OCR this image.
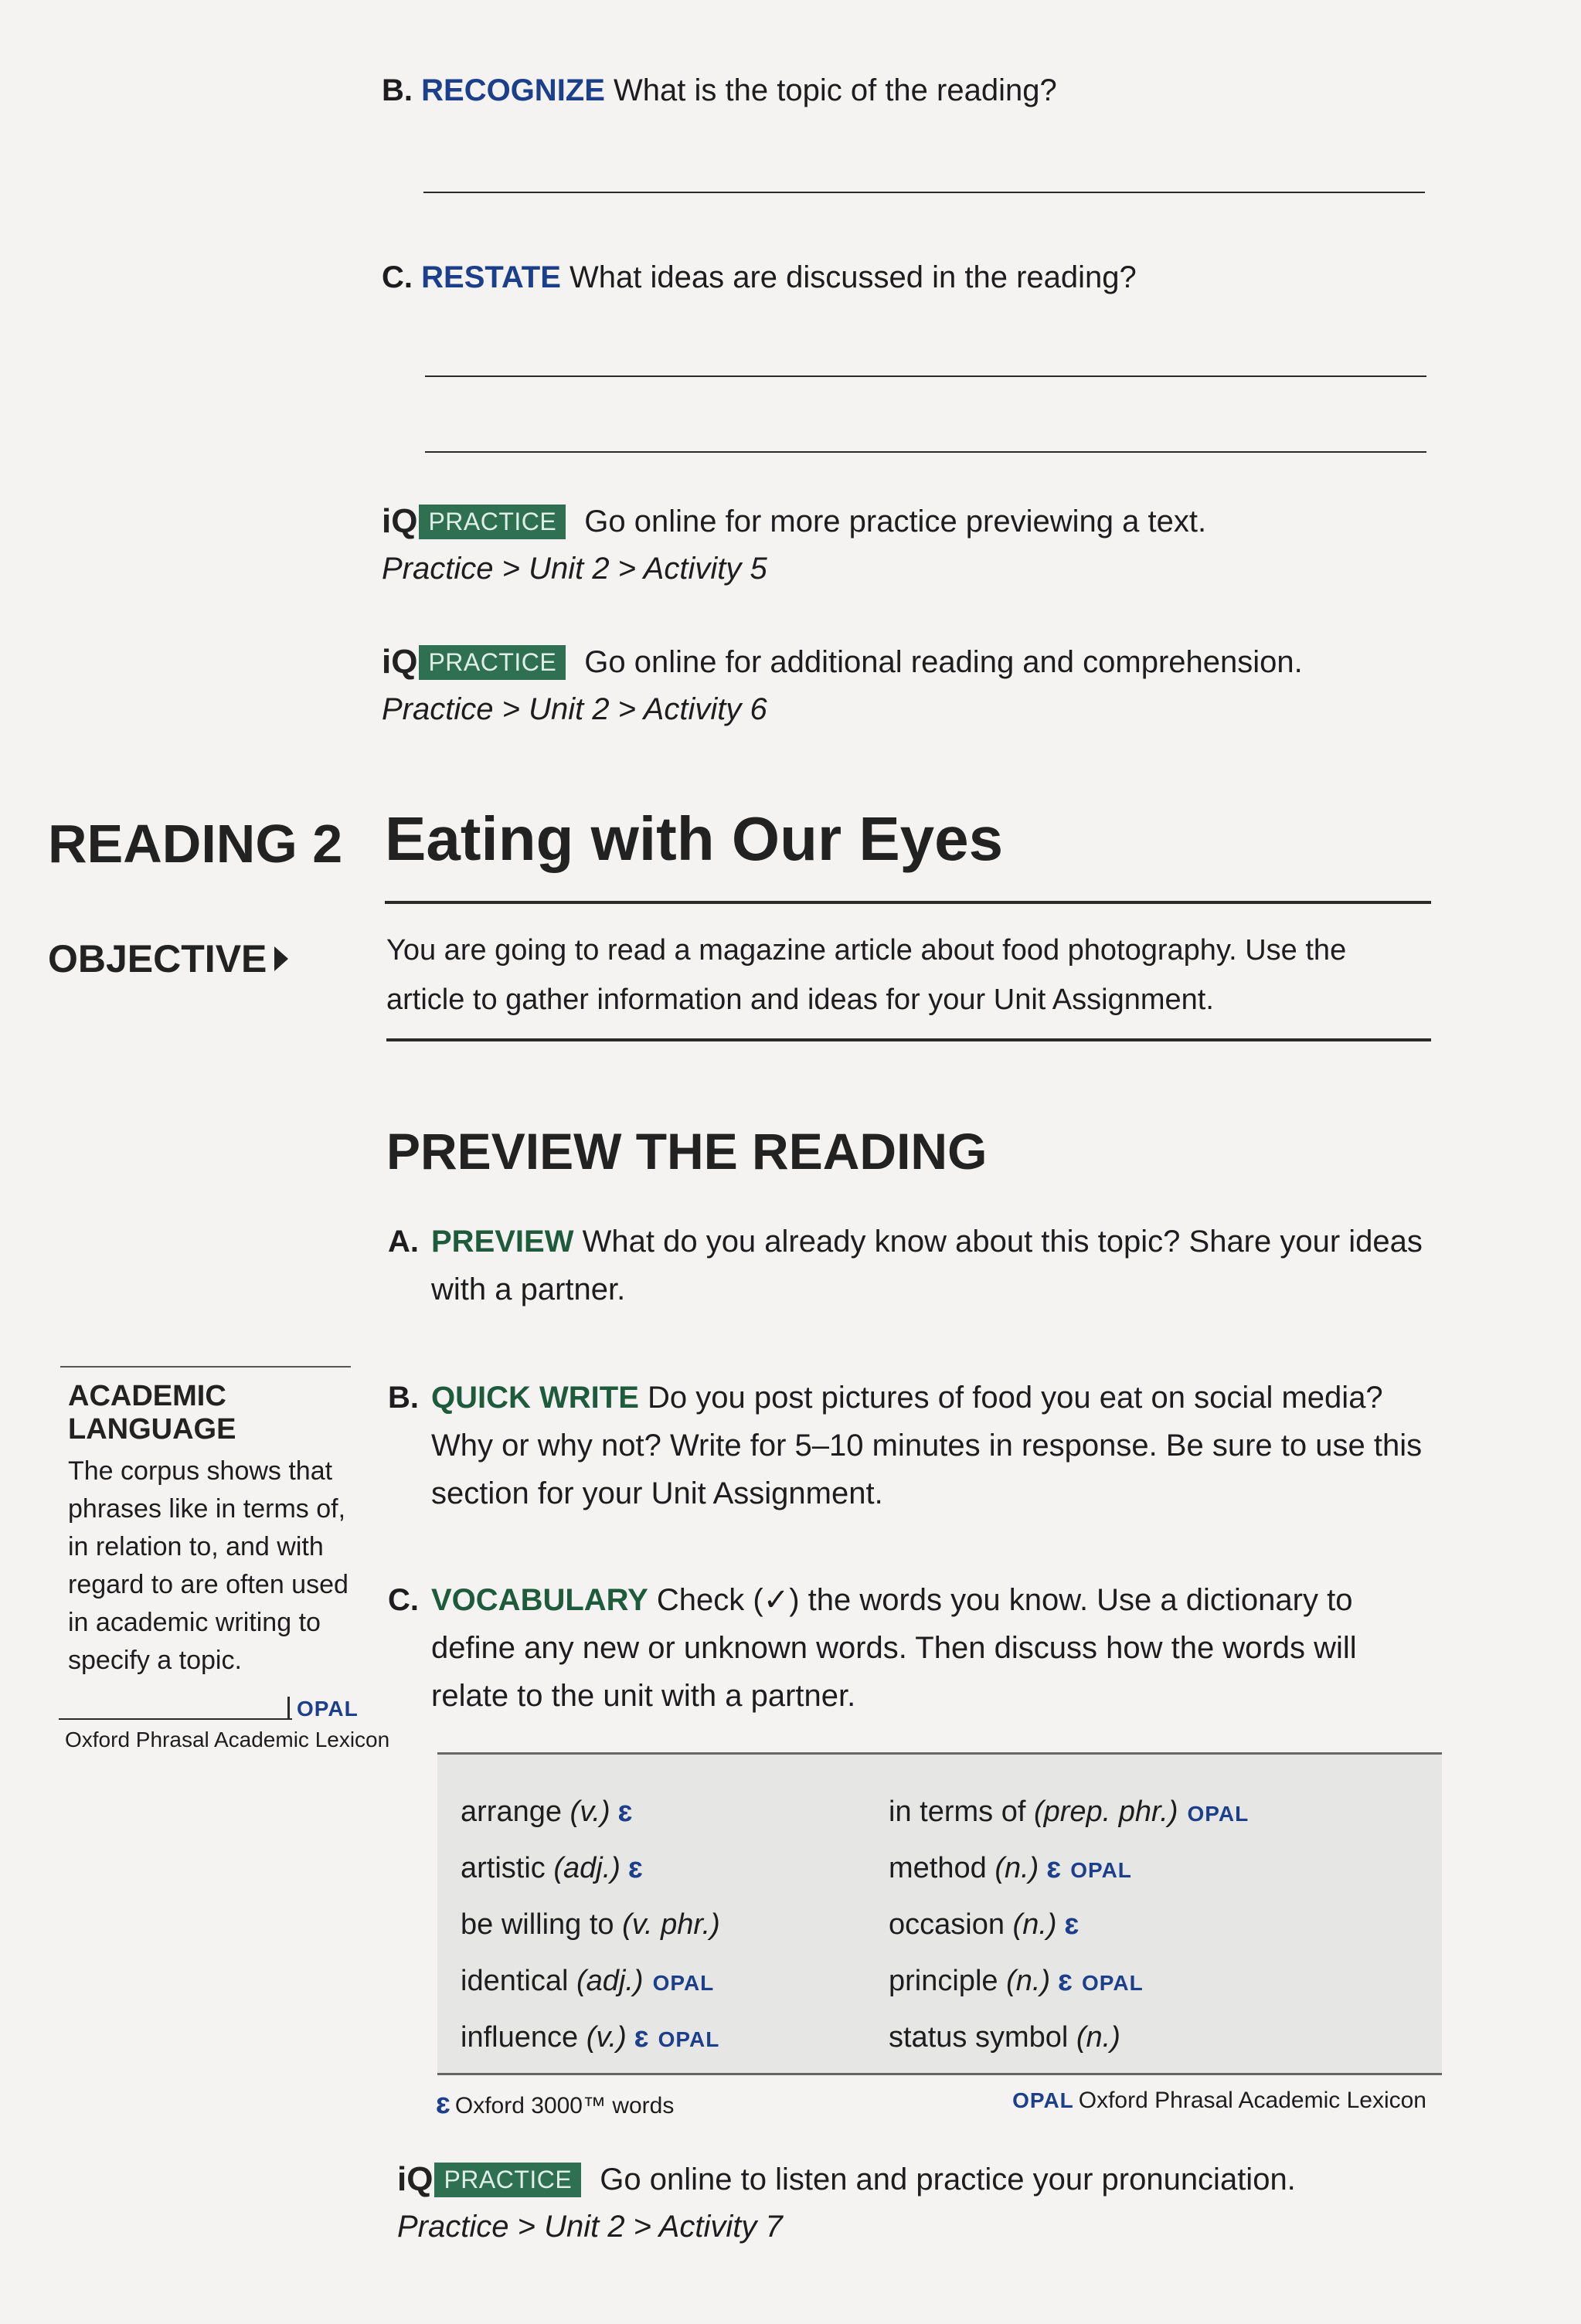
B. RECOGNIZE What is the topic of the reading?
C. RESTATE What ideas are discussed in the reading?
iQ PRACTICE Go online for more practice previewing a text.
Practice > Unit 2 > Activity 5
iQ PRACTICE Go online for additional reading and comprehension.
Practice > Unit 2 > Activity 6
READING 2 Eating with Our Eyes
OBJECTIVE	You are going to read a magazine article about food photography. Use the article to gather information and ideas for your Unit Assignment.
PREVIEW THE READING
A. PREVIEW What do you already know about this topic? Share your ideas with a partner.
B. QUICK WRITE Do you post pictures of food you eat on social media? Why or why not? Write for 5–10 minutes in response. Be sure to use this section for your Unit Assignment.
C. VOCABULARY Check (✓) the words you know. Use a dictionary to define any new or unknown words. Then discuss how the words will relate to the unit with a partner.
ACADEMIC LANGUAGE
The corpus shows that phrases like in terms of, in relation to, and with regard to are often used in academic writing to specify a topic.
OPAL
Oxford Phrasal Academic Lexicon
arrange (v.) ɛ
artistic (adj.) ɛ
be willing to (v. phr.)
identical (adj.) OPAL
influence (v.) ɛ OPAL
in terms of (prep. phr.) OPAL
method (n.) ɛ OPAL
occasion (n.) ɛ
principle (n.) ɛ OPAL
status symbol (n.)
ɛ Oxford 3000™ words	OPAL Oxford Phrasal Academic Lexicon
iQ PRACTICE Go online to listen and practice your pronunciation.
Practice > Unit 2 > Activity 7
